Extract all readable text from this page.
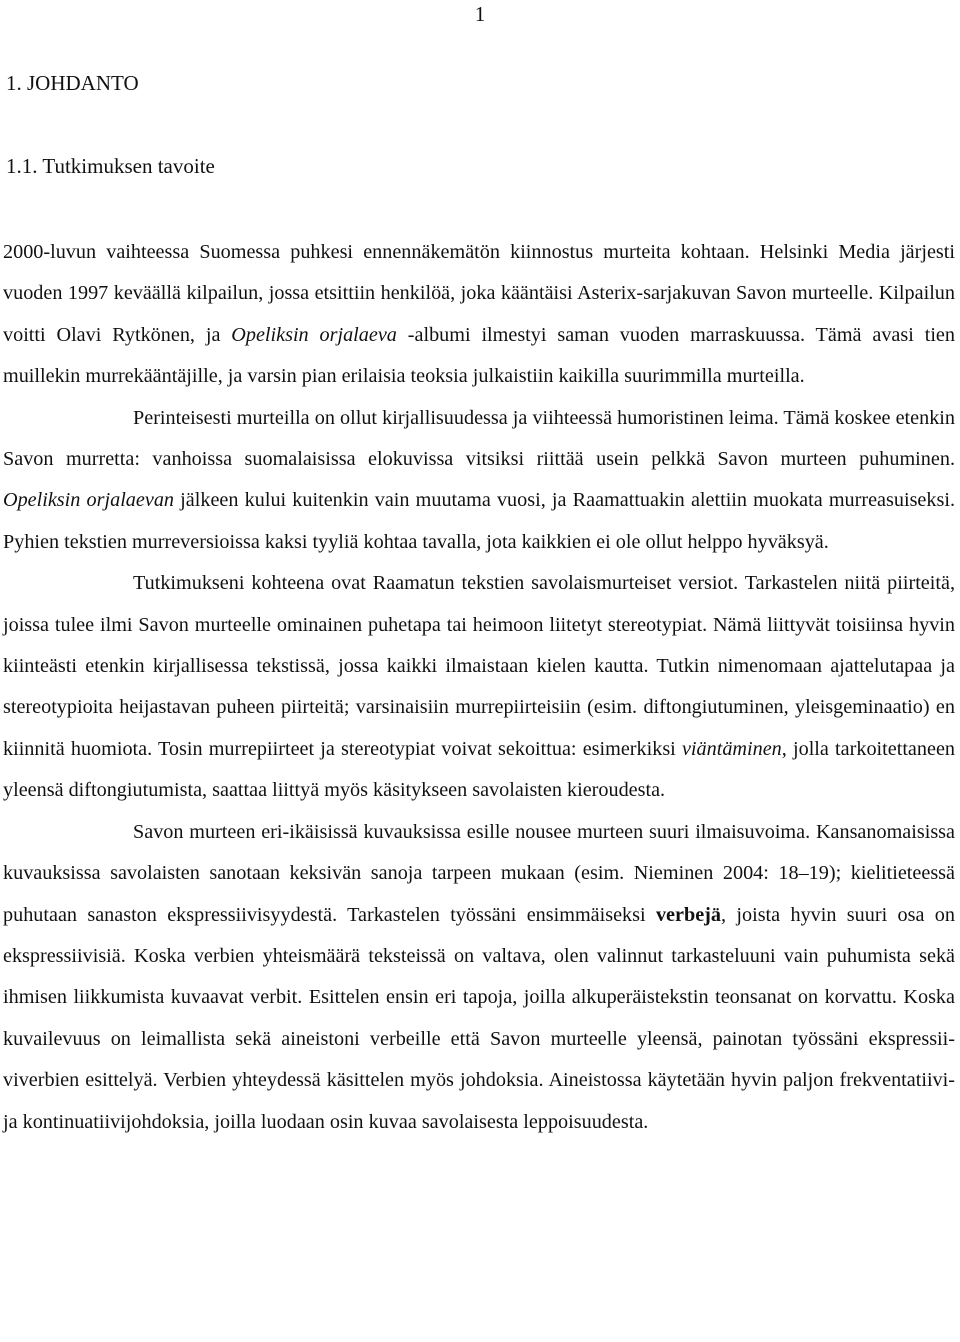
1
1. JOHDANTO
1.1. Tutkimuksen tavoite

2000-luvun vaihteessa Suomessa puhkesi ennennäkemätön kiinnostus murteita kohtaan. Helsinki Media järjesti vuoden 1997 keväällä kilpailun, jossa etsittiin henkilöä, joka kääntäisi Asterix-sarjakuvan Savon murteelle. Kilpailun voitti Olavi Rytkönen, ja Opeliksin orjalaeva -albumi ilmestyi saman vuoden marraskuussa. Tämä avasi tien muillekin murrekääntäjille, ja varsin pian erilaisia teoksia julkaistiin kaikilla suurimmilla murteilla.

Perinteisesti murteilla on ollut kirjallisuudessa ja viihteessä humoristinen leima. Tämä koskee etenkin Savon murretta: vanhoissa suomalaisissa elokuvissa vitsiksi riittää usein pelkkä Savon murteen puhuminen. Opeliksin orjalaevan jälkeen kului kuitenkin vain muutama vuosi, ja Raamattuakin alettiin muokata murreasuiseksi. Pyhien tekstien murreversioissa kaksi tyyliä kohtaa tavalla, jota kaikkien ei ole ollut helppo hyväksyä.

Tutkimukseni kohteena ovat Raamatun tekstien savolaismurteiset versiot. Tarkastelen niitä piirteitä, joissa tulee ilmi Savon murteelle ominainen puhetapa tai heimoon liitetyt stereotypiat. Nämä liittyvät toisiinsa hyvin kiinteästi etenkin kirjallisessa tekstissä, jossa kaikki ilmaistaan kielen kautta. Tutkin nimenomaan ajattelutapaa ja stereotypioita heijastavan puheen piirteitä; varsinaisiin murrepiirteisiin (esim. diftongiutuminen, yleisgeminaatio) en kiinnitä huomiota. Tosin murrepiirteet ja stereotypiat voivat sekoittua: esimerkiksi viäntäminen, jolla tarkoitettaneen yleensä diftongiutumista, saattaa liittyä myös käsitykseen savolaisten kieroudesta.

Savon murteen eri-ikäisissä kuvauksissa esille nousee murteen suuri ilmaisuvoima. Kansanomaisissa kuvauksissa savolaisten sanotaan keksivän sanoja tarpeen mukaan (esim. Nieminen 2004: 18–19); kielitieteessä puhutaan sanaston ekspressiivisyydestä. Tarkastelen työssäni ensimmäiseksi verbejä, joista hyvin suuri osa on ekspressiivisiä. Koska verbien yhteismäärä teksteissä on valtava, olen valinnut tarkasteluuni vain puhumista sekä ihmisen liikkumista kuvaavat verbit. Esittelen ensin eri tapoja, joilla alkuperäistekstin teonsanat on korvattu. Koska kuvailevuus on leimallista sekä aineistoni verbeille että Savon murteelle yleensä, painotan työssäni ekspressiiviverbien esittelyä. Verbien yhteydessä käsittelen myös johdoksia. Aineistossa käytetään hyvin paljon frekventatiivi- ja kontinuatiivijohdoksia, joilla luodaan osin kuvaa savolaisesta leppoisuudesta.
